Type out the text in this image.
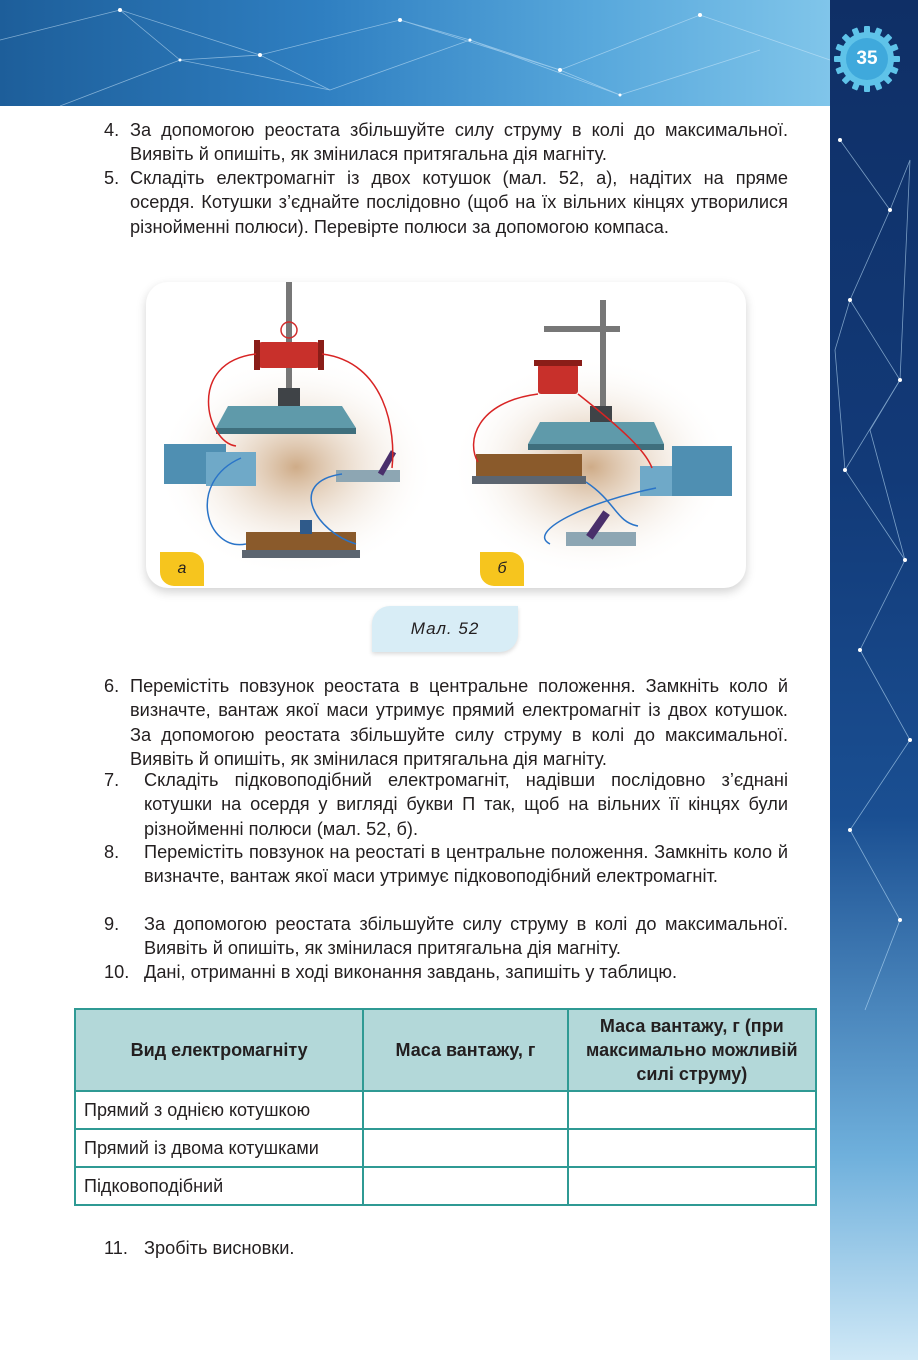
35
4. За допомогою реостата збільшуйте силу струму в колі до максимальної. Виявіть й опишіть, як змінилася притягальна дія магніту.
5. Складіть електромагніт із двох котушок (мал. 52, а), надітих на пряме осердя. Котушки з’єднайте послідовно (щоб на їх вільних кінцях утворилися різнойменні полюси). Перевірте полюси за допомогою компаса.
а	б
Мал. 52
6. Перемістіть повзунок реостата в центральне положення. Замкніть коло й визначте, вантаж якої маси утримує прямий електромагніт із двох котушок. За допомогою реостата збільшуйте силу струму в колі до максимальної. Виявіть й опишіть, як змінилася притягальна дія магніту.
7.	Складіть підковоподібний електромагніт, надівши послідовно з’єднані котушки на осердя у вигляді букви П так, щоб на вільних її кінцях були різнойменні полюси (мал. 52, б).
8.	Перемістіть повзунок на реостаті в центральне положення. Замкніть коло й визначте, вантаж якої маси утримує підковоподібний електромагніт.
9.	За допомогою реостата збільшуйте силу струму в колі до максимальної. Виявіть й опишіть, як змінилася притягальна дія магніту.
10. Дані, отриманні в ході виконання завдань, запишіть у таблицю.
Вид електромагніту	Маса вантажу, г	Маса вантажу, г (при максимально можливій силі струму)
Прямий з однією котушкою		
Прямий із двома котушками		
Підковоподібний		
11. Зробіть висновки.
